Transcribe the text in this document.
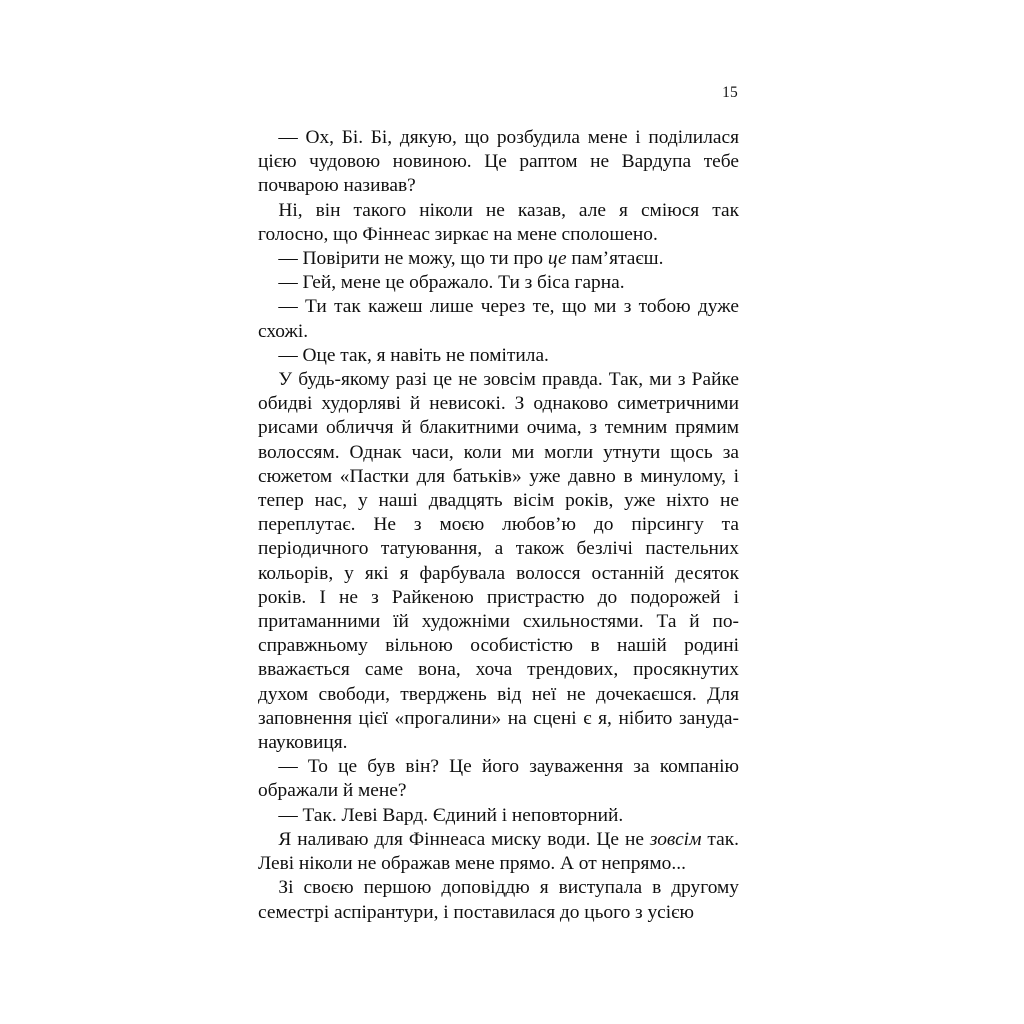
15

— Ох, Бі. Бі, дякую, що розбудила мене і поділилася цією чудовою новиною. Це раптом не Вардупа тебе почварою називав?

Ні, він такого ніколи не казав, але я сміюся так голосно, що Фіннеас зиркає на мене сполошено.

— Повірити не можу, що ти про це пам’ятаєш.

— Гей, мене це ображало. Ти з біса гарна.

— Ти так кажеш лише через те, що ми з тобою дуже схожі.

— Оце так, я навіть не помітила.

У будь-якому разі це не зовсім правда. Так, ми з Райке обидві худорляві й невисокі. З однаково симетричними рисами обличчя й блакитними очима, з темним прямим волоссям. Однак часи, коли ми могли утнути щось за сюжетом «Пастки для батьків» уже давно в минулому, і тепер нас, у наші двадцять вісім років, уже ніхто не переплутає. Не з моєю любов’ю до пірсингу та періодичного татуювання, а також безлічі пастельних кольорів, у які я фарбувала волосся останній десяток років. І не з Райкеною пристрастю до подорожей і притаманними їй художніми схильностями. Та й по-справжньому вільною особистістю в нашій родині вважається саме вона, хоча трендових, просякнутих духом свободи, тверджень від неї не дочекаєшся. Для заповнення цієї «прогалини» на сцені є я, нібито зануда-науковиця.

— То це був він? Це його зауваження за компанію ображали й мене?

— Так. Леві Вард. Єдиний і неповторний.

Я наливаю для Фіннеаса миску води. Це не зовсім так. Леві ніколи не ображав мене прямо. А от непрямо...

Зі своєю першою доповіддю я виступала в другому семестрі аспірантури, і поставилася до цього з усією
